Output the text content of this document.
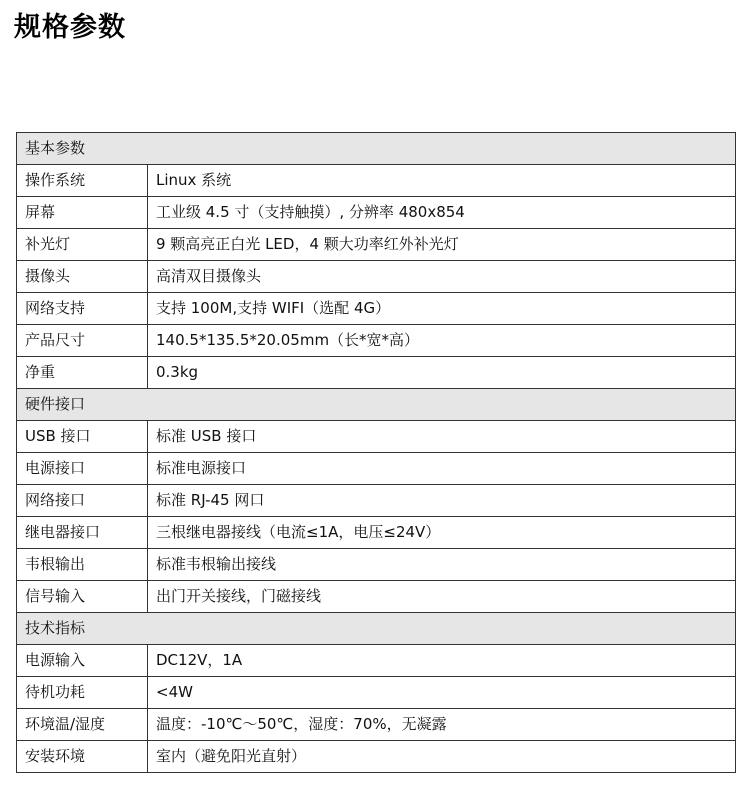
规格参数
基本参数	
操作系统	Linux 系统
屏幕	工业级 4.5 寸（支持触摸）, 分辨率 480x854
补光灯	9 颗高亮正白光 LED，4 颗大功率红外补光灯
摄像头	高清双目摄像头
网络支持	支持 100M,支持 WIFI（选配 4G）
产品尺寸	140.5*135.5*20.05mm（长*宽*高）
净重	0.3kg
硬件接口	
USB 接口	标准 USB 接口
电源接口	标准电源接口
网络接口	标准 RJ-45 网口
继电器接口	三根继电器接线（电流≤1A，电压≤24V）
韦根输出	标准韦根输出接线
信号输入	出门开关接线，门磁接线
技术指标	
电源输入	DC12V，1A
待机功耗	<4W
环境温/湿度	温度：-10℃～50℃，湿度：70%，无凝露
安装环境	室内（避免阳光直射）
